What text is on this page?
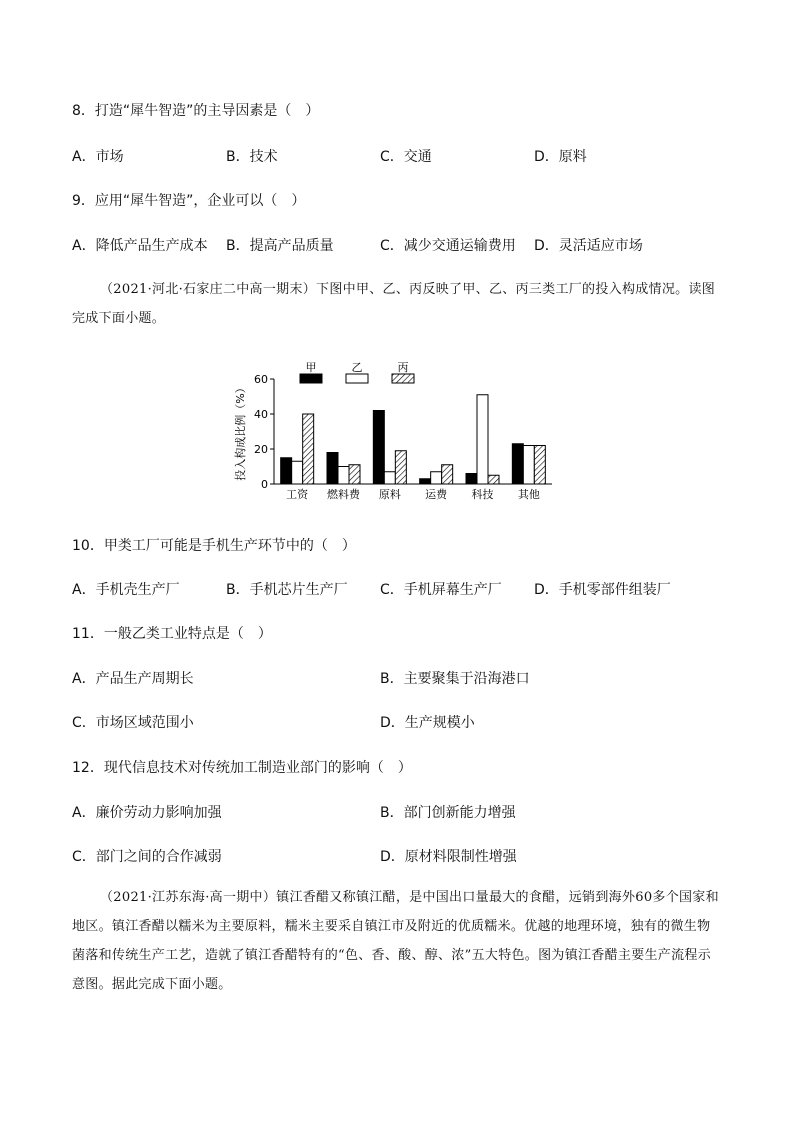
8．打造“犀牛智造”的主导因素是（　）
A．市场	B．技术	C．交通	D．原料
9．应用“犀牛智造”，企业可以（　）
A．降低产品生产成本 B．提高产品质量	C．减少交通运输费用 D．灵活适应市场
（2021·河北·石家庄二中高一期末）下图中甲、乙、丙反映了甲、乙、丙三类工厂的投入构成情况。读图完成下面小题。
0
20
40
60
投入构成比例（%）
工资 燃料费 原料 运费 科技 其他
甲	乙	丙
10．甲类工厂可能是手机生产环节中的（　）
A．手机壳生产厂	B．手机芯片生产厂 C．手机屏幕生产厂 D．手机零部件组装厂
11．一般乙类工业特点是（　）
A．产品生产周期长	B．主要聚集于沿海港口
C．市场区域范围小	D．生产规模小
12．现代信息技术对传统加工制造业部门的影响（　）
A．廉价劳动力影响加强	B．部门创新能力增强
C．部门之间的合作减弱	D．原材料限制性增强
（2021·江苏东海·高一期中）镇江香醋又称镇江醋，是中国出口量最大的食醋，远销到海外60多个国家和地区。镇江香醋以糯米为主要原料，糯米主要采自镇江市及附近的优质糯米。优越的地理环境，独有的微生物菌落和传统生产工艺，造就了镇江香醋特有的“色、香、酸、醇、浓”五大特色。图为镇江香醋主要生产流程示意图。据此完成下面小题。
